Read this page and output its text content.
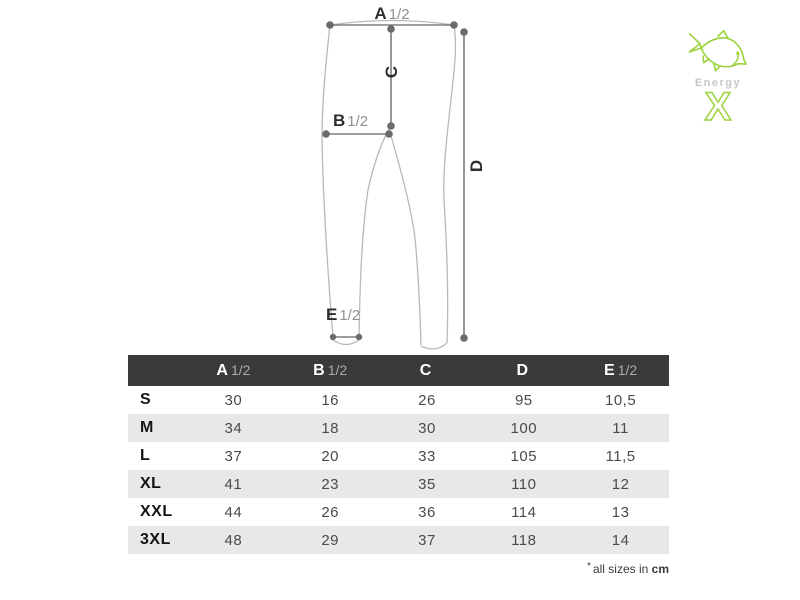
A 1/2
C
B 1/2
D
E 1/2
Energy
X
	A 1/2	B 1/2	C	D	E 1/2
S	30	16	26	95	10,5
M	34	18	30	100	11
L	37	20	33	105	11,5
XL	41	23	35	110	12
XXL	44	26	36	114	13
3XL	48	29	37	118	14
* all sizes in cm
